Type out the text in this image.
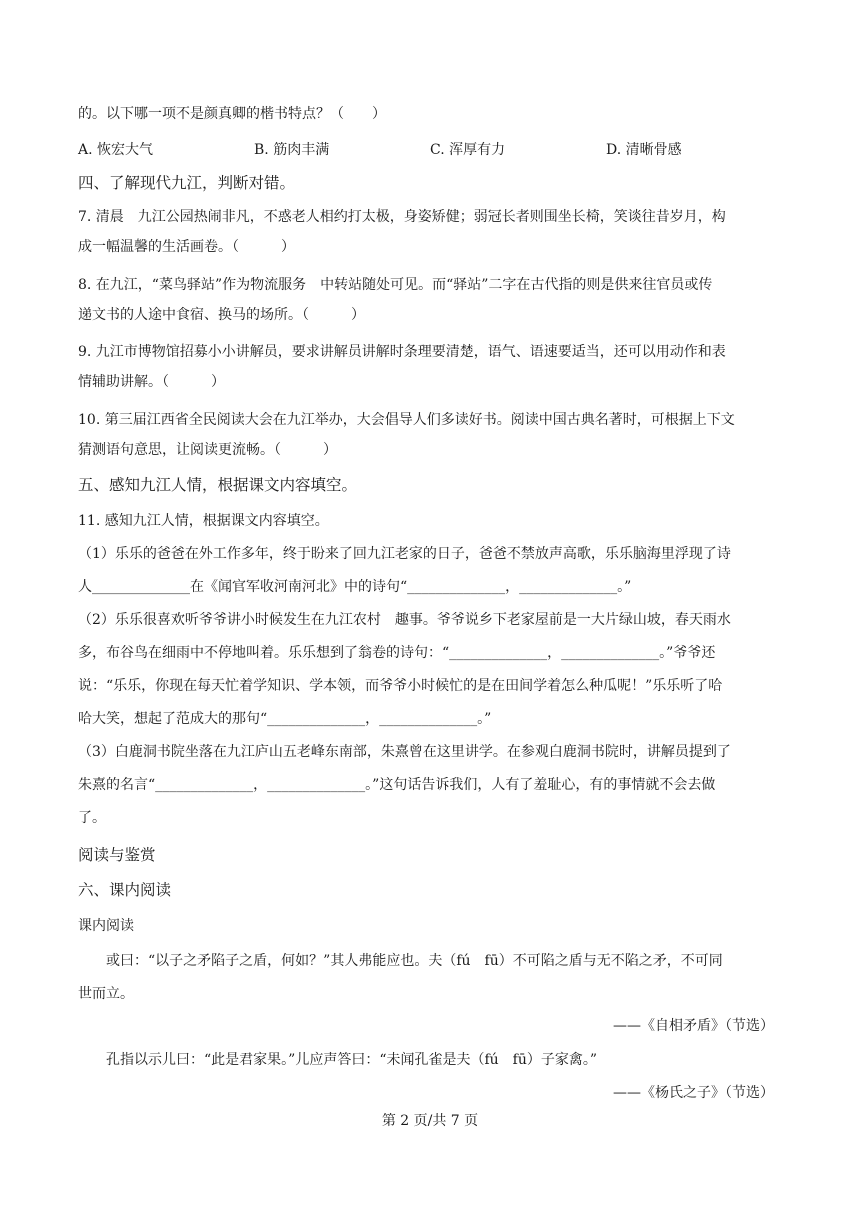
的。以下哪一项不是颜真卿的楷书特点？（　　）
A. 恢宏大气	B. 筋肉丰满	C. 浑厚有力	D. 清晰骨感
四、了解现代九江，判断对错。
7. 清晨　九江公园热闹非凡，不惑老人相约打太极，身姿矫健；弱冠长者则围坐长椅，笑谈往昔岁月，构
成一幅温馨的生活画卷。（　　　）
8. 在九江，“菜鸟驿站”作为物流服务　中转站随处可见。而“驿站”二字在古代指的则是供来往官员或传
递文书的人途中食宿、换马的场所。（　　　）
9. 九江市博物馆招募小小讲解员，要求讲解员讲解时条理要清楚，语气、语速要适当，还可以用动作和表
情辅助讲解。（　　　）
10. 第三届江西省全民阅读大会在九江举办，大会倡导人们多读好书。阅读中国古典名著时，可根据上下文
猜测语句意思，让阅读更流畅。（　　　）
五、感知九江人情，根据课文内容填空。
11. 感知九江人情，根据课文内容填空。
（1）乐乐的爸爸在外工作多年，终于盼来了回九江老家的日子，爸爸不禁放声高歌，乐乐脑海里浮现了诗
人______________在《闻官军收河南河北》中的诗句“______________，______________。”
（2）乐乐很喜欢听爷爷讲小时候发生在九江农村　趣事。爷爷说乡下老家屋前是一大片绿山坡，春天雨水
多，布谷鸟在细雨中不停地叫着。乐乐想到了翁卷的诗句：“______________，______________。”爷爷还
说：“乐乐，你现在每天忙着学知识、学本领，而爷爷小时候忙的是在田间学着怎么种瓜呢！”乐乐听了哈
哈大笑，想起了范成大的那句“______________，______________。”
（3）白鹿洞书院坐落在九江庐山五老峰东南部，朱熹曾在这里讲学。在参观白鹿洞书院时，讲解员提到了
朱熹的名言“______________，______________。”这句话告诉我们，人有了羞耻心，有的事情就不会去做
了。
阅读与鉴赏
六、课内阅读
课内阅读
或曰：“以子之矛陷子之盾，何如？”其人弗能应也。夫（fú　fū）不可陷之盾与无不陷之矛，不可同
世而立。
——《自相矛盾》（节选）
孔指以示儿曰：“此是君家果。”儿应声答曰：“未闻孔雀是夫（fú　fū）子家禽。”
——《杨氏之子》（节选）
第 2 页/共 7 页
